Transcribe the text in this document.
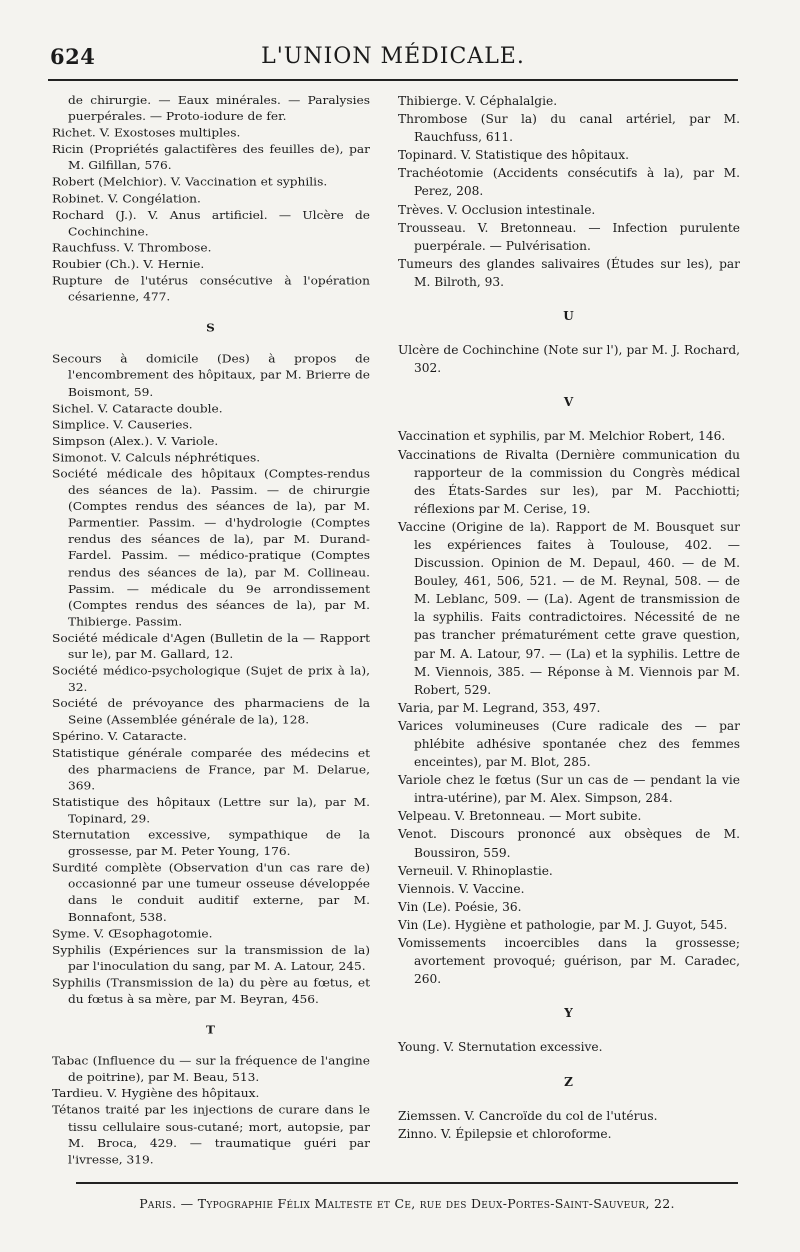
624	L'UNION MÉDICALE.

de chirurgie. — Eaux minérales. — Paralysies puerpérales. — Proto-iodure de fer.

Richet. V. Exostoses multiples.

Ricin (Propriétés galactifères des feuilles de), par M. Gilfillan, 576.

Robert (Melchior). V. Vaccination et syphilis.

Robinet. V. Congélation.

Rochard (J.). V. Anus artificiel. — Ulcère de Cochinchine.

Rauchfuss. V. Thrombose.

Roubier (Ch.). V. Hernie.

Rupture de l'utérus consécutive à l'opération césarienne, 477.

S

Secours à domicile (Des) à propos de l'encombrement des hôpitaux, par M. Brierre de Boismont, 59.

Sichel. V. Cataracte double.

Simplice. V. Causeries.

Simpson (Alex.). V. Variole.

Simonot. V. Calculs néphrétiques.

Société médicale des hôpitaux (Comptes-rendus des séances de la). Passim. — de chirurgie (Comptes rendus des séances de la), par M. Parmentier. Passim. — d'hydrologie (Comptes rendus des séances de la), par M. Durand-Fardel. Passim. — médico-pratique (Comptes rendus des séances de la), par M. Collineau. Passim. — médicale du 9e arrondissement (Comptes rendus des séances de la), par M. Thibierge. Passim.

Société médicale d'Agen (Bulletin de la — Rapport sur le), par M. Gallard, 12.

Société médico-psychologique (Sujet de prix à la), 32.

Société de prévoyance des pharmaciens de la Seine (Assemblée générale de la), 128.

Spérino. V. Cataracte.

Statistique générale comparée des médecins et des pharmaciens de France, par M. Delarue, 369.

Statistique des hôpitaux (Lettre sur la), par M. Topinard, 29.

Sternutation excessive, sympathique de la grossesse, par M. Peter Young, 176.

Surdité complète (Observation d'un cas rare de) occasionné par une tumeur osseuse développée dans le conduit auditif externe, par M. Bonnafont, 538.

Syme. V. Œsophagotomie.

Syphilis (Expériences sur la transmission de la) par l'inoculation du sang, par M. A. Latour, 245.

Syphilis (Transmission de la) du père au fœtus, et du fœtus à sa mère, par M. Beyran, 456.

T

Tabac (Influence du — sur la fréquence de l'angine de poitrine), par M. Beau, 513.

Tardieu. V. Hygiène des hôpitaux.

Tétanos traité par les injections de curare dans le tissu cellulaire sous-cutané; mort, autopsie, par M. Broca, 429. — traumatique guéri par l'ivresse, 319.

Thibierge. V. Céphalalgie.

Thrombose (Sur la) du canal artériel, par M. Rauchfuss, 611.

Topinard. V. Statistique des hôpitaux.

Trachéotomie (Accidents consécutifs à la), par M. Perez, 208.

Trèves. V. Occlusion intestinale.

Trousseau. V. Bretonneau. — Infection purulente puerpérale. — Pulvérisation.

Tumeurs des glandes salivaires (Études sur les), par M. Bilroth, 93.

U

Ulcère de Cochinchine (Note sur l'), par M. J. Rochard, 302.

V

Vaccination et syphilis, par M. Melchior Robert, 146.

Vaccinations de Rivalta (Dernière communication du rapporteur de la commission du Congrès médical des États-Sardes sur les), par M. Pacchiotti; réflexions par M. Cerise, 19.

Vaccine (Origine de la). Rapport de M. Bousquet sur les expériences faites à Toulouse, 402. — Discussion. Opinion de M. Depaul, 460. — de M. Bouley, 461, 506, 521. — de M. Reynal, 508. — de M. Leblanc, 509. — (La). Agent de transmission de la syphilis. Faits contradictoires. Nécessité de ne pas trancher prématurément cette grave question, par M. A. Latour, 97. — (La) et la syphilis. Lettre de M. Viennois, 385. — Réponse à M. Viennois par M. Robert, 529.

Varia, par M. Legrand, 353, 497.

Varices volumineuses (Cure radicale des — par phlébite adhésive spontanée chez des femmes enceintes), par M. Blot, 285.

Variole chez le fœtus (Sur un cas de — pendant la vie intra-utérine), par M. Alex. Simpson, 284.

Velpeau. V. Bretonneau. — Mort subite.

Venot. Discours prononcé aux obsèques de M. Boussiron, 559.

Verneuil. V. Rhinoplastie.

Viennois. V. Vaccine.

Vin (Le). Poésie, 36.

Vin (Le). Hygiène et pathologie, par M. J. Guyot, 545.

Vomissements incoercibles dans la grossesse; avortement provoqué; guérison, par M. Caradec, 260.

Y

Young. V. Sternutation excessive.

Z

Ziemssen. V. Cancroïde du col de l'utérus.

Zinno. V. Épilepsie et chloroforme.

Paris. — Typographie Félix Malteste et Ce, rue des Deux-Portes-Saint-Sauveur, 22.
